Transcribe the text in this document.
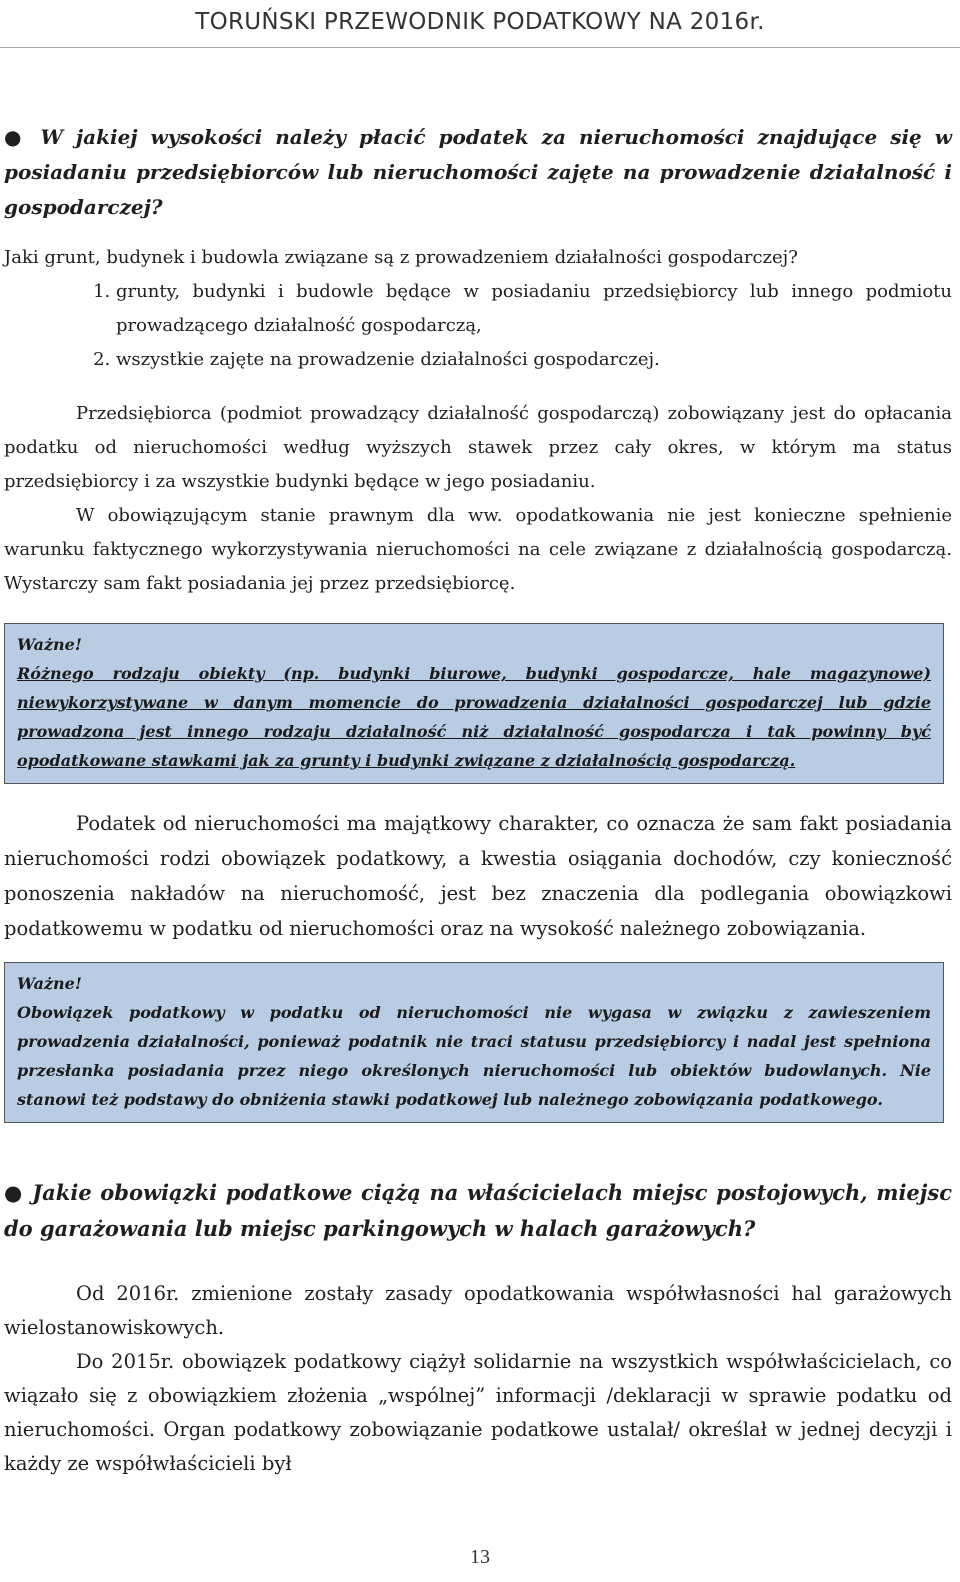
TORUŃSKI PRZEWODNIK PODATKOWY NA 2016r.
● W jakiej wysokości należy płacić podatek za nieruchomości znajdujące się w posiadaniu przedsiębiorców lub nieruchomości zajęte na prowadzenie działalność i gospodarczej?

Jaki grunt, budynek i budowla związane są z prowadzeniem działalności gospodarczej?

1. grunty, budynki i budowle będące w posiadaniu przedsiębiorcy lub innego podmiotu prowadzącego działalność gospodarczą,
2. wszystkie zajęte na prowadzenie działalności gospodarczej.

Przedsiębiorca (podmiot prowadzący działalność gospodarczą) zobowiązany jest do opłacania podatku od nieruchomości według wyższych stawek przez cały okres, w którym ma status przedsiębiorcy i za wszystkie budynki będące w jego posiadaniu.

W obowiązującym stanie prawnym dla ww. opodatkowania nie jest konieczne spełnienie warunku faktycznego wykorzystywania nieruchomości na cele związane z działalnością gospodarczą. Wystarczy sam fakt posiadania jej przez przedsiębiorcę.

Ważne!
Różnego rodzaju obiekty (np. budynki biurowe, budynki gospodarcze, hale magazynowe) niewykorzystywane w danym momencie do prowadzenia działalności gospodarczej lub gdzie prowadzona jest innego rodzaju działalność niż działalność gospodarcza i tak powinny być opodatkowane stawkami jak za grunty i budynki związane z działalnością gospodarczą.

Podatek od nieruchomości ma majątkowy charakter, co oznacza że sam fakt posiadania nieruchomości rodzi obowiązek podatkowy, a kwestia osiągania dochodów, czy konieczność ponoszenia nakładów na nieruchomość, jest bez znaczenia dla podlegania obowiązkowi podatkowemu w podatku od nieruchomości oraz na wysokość należnego zobowiązania.

Ważne!
Obowiązek podatkowy w podatku od nieruchomości nie wygasa w związku z zawieszeniem prowadzenia działalności, ponieważ podatnik nie traci statusu przedsiębiorcy i nadal jest spełniona przesłanka posiadania przez niego określonych nieruchomości lub obiektów budowlanych. Nie stanowi też podstawy do obniżenia stawki podatkowej lub należnego zobowiązania podatkowego.
● Jakie obowiązki podatkowe ciążą na właścicielach miejsc postojowych, miejsc do garażowania lub miejsc parkingowych w halach garażowych?

Od 2016r. zmienione zostały zasady opodatkowania współwłasności hal garażowych wielostanowiskowych.

Do 2015r. obowiązek podatkowy ciążył solidarnie na wszystkich współwłaścicielach, co wiązało się z obowiązkiem złożenia „wspólnej” informacji /deklaracji w sprawie podatku od nieruchomości. Organ podatkowy zobowiązanie podatkowe ustalał/ określał w jednej decyzji i każdy ze współwłaścicieli był

13
